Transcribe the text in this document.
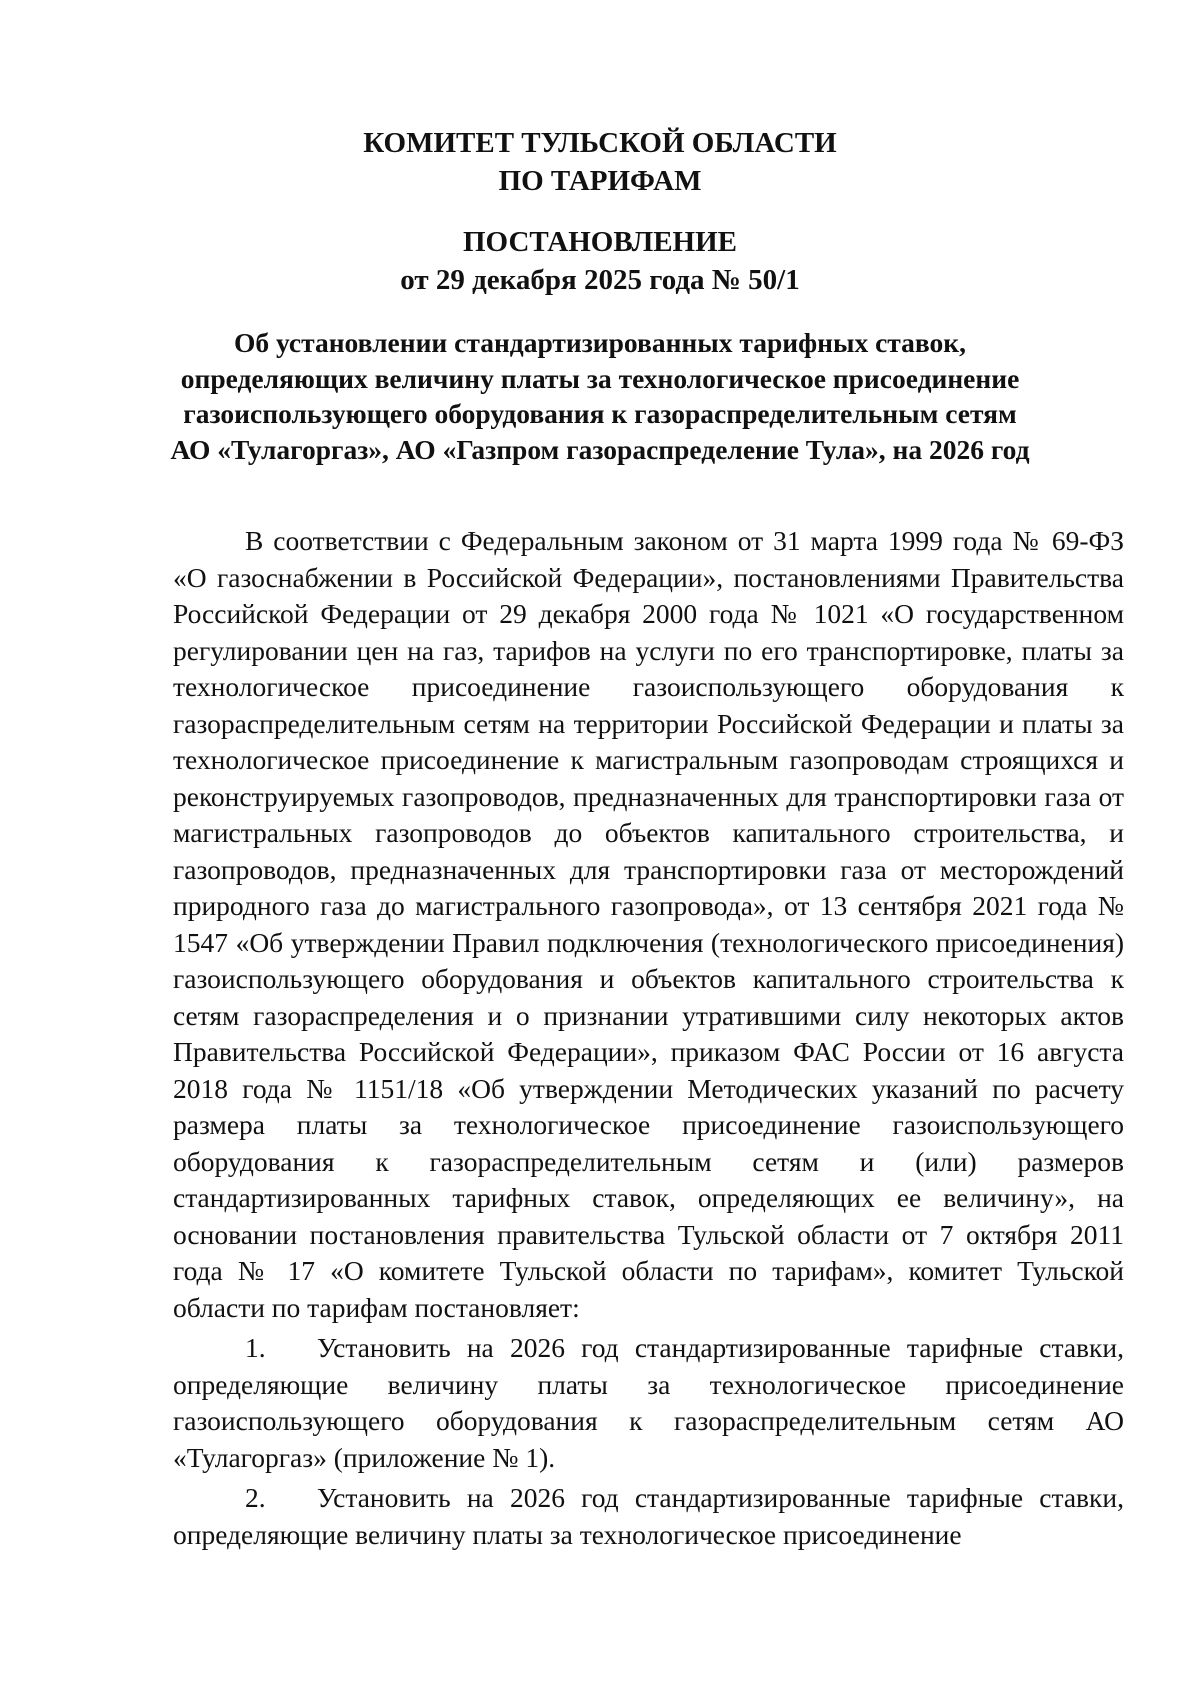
КОМИТЕТ ТУЛЬСКОЙ ОБЛАСТИ
ПО ТАРИФАМ
ПОСТАНОВЛЕНИЕ
от 29 декабря 2025 года № 50/1
Об установлении стандартизированных тарифных ставок,
определяющих величину платы за технологическое присоединение
газоиспользующего оборудования к газораспределительным сетям
АО «Тулагоргаз», АО «Газпром газораспределение Тула», на 2026 год

В соответствии с Федеральным законом от 31 марта 1999 года № 69-ФЗ «О газоснабжении в Российской Федерации», постановлениями Правительства Российской Федерации от 29 декабря 2000 года № 1021 «О государственном регулировании цен на газ, тарифов на услуги по его транспортировке, платы за технологическое присоединение газоиспользующего оборудования к газораспределительным сетям на территории Российской Федерации и платы за технологическое присоединение к магистральным газопроводам строящихся и реконструируемых газопроводов, предназначенных для транспортировки газа от магистральных газопроводов до объектов капитального строительства, и газопроводов, предназначенных для транспортировки газа от месторождений природного газа до магистрального газопровода», от 13 сентября 2021 года № 1547 «Об утверждении Правил подключения (технологического присоединения) газоиспользующего оборудования и объектов капитального строительства к сетям газораспределения и о признании утратившими силу некоторых актов Правительства Российской Федерации», приказом ФАС России от 16 августа 2018 года № 1151/18 «Об утверждении Методических указаний по расчету размера платы за технологическое присоединение газоиспользующего оборудования к газораспределительным сетям и (или) размеров стандартизированных тарифных ставок, определяющих ее величину», на основании постановления правительства Тульской области от 7 октября 2011 года № 17 «О комитете Тульской области по тарифам», комитет Тульской области по тарифам постановляет:

1. Установить на 2026 год стандартизированные тарифные ставки, определяющие величину платы за технологическое присоединение газоиспользующего оборудования к газораспределительным сетям АО «Тулагоргаз» (приложение № 1).

2. Установить на 2026 год стандартизированные тарифные ставки, определяющие величину платы за технологическое присоединение
